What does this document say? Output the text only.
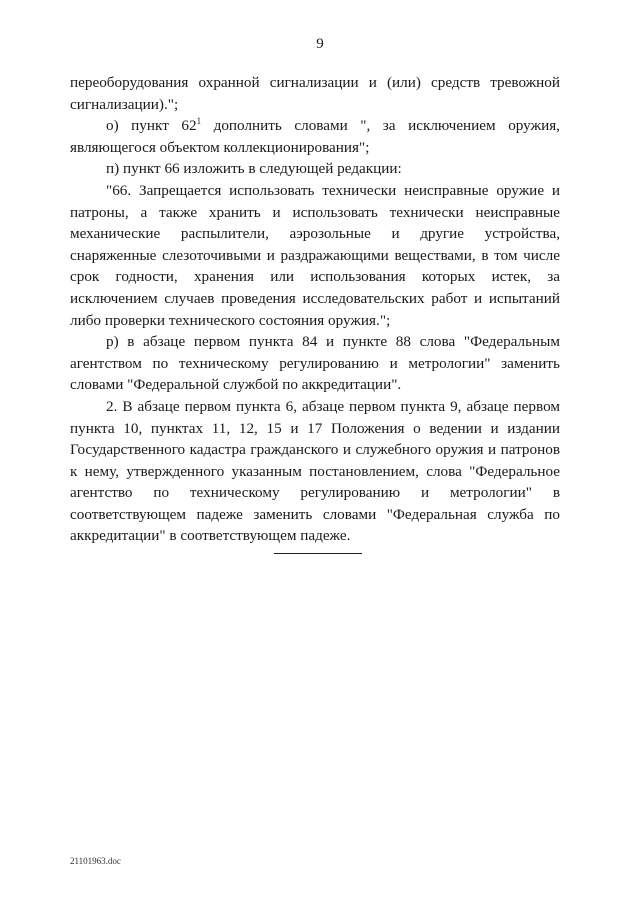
9

переоборудования охранной сигнализации и (или) средств тревожной сигнализации).";

о) пункт $62^1$ дополнить словами ", за исключением оружия, являющегося объектом коллекционирования";

п) пункт 66 изложить в следующей редакции:

"66. Запрещается использовать технически неисправные оружие и патроны, а также хранить и использовать технически неисправные механические распылители, аэрозольные и другие устройства, снаряженные слезоточивыми и раздражающими веществами, в том числе срок годности, хранения или использования которых истек, за исключением случаев проведения исследовательских работ и испытаний либо проверки технического состояния оружия.";

р) в абзаце первом пункта 84 и пункте 88 слова "Федеральным агентством по техническому регулированию и метрологии" заменить словами "Федеральной службой по аккредитации".

2. В абзаце первом пункта 6, абзаце первом пункта 9, абзаце первом пункта 10, пунктах 11, 12, 15 и 17 Положения о ведении и издании Государственного кадастра гражданского и служебного оружия и патронов к нему, утвержденного указанным постановлением, слова "Федеральное агентство по техническому регулированию и метрологии" в соответствующем падеже заменить словами "Федеральная служба по аккредитации" в соответствующем падеже.

21101963.doc
